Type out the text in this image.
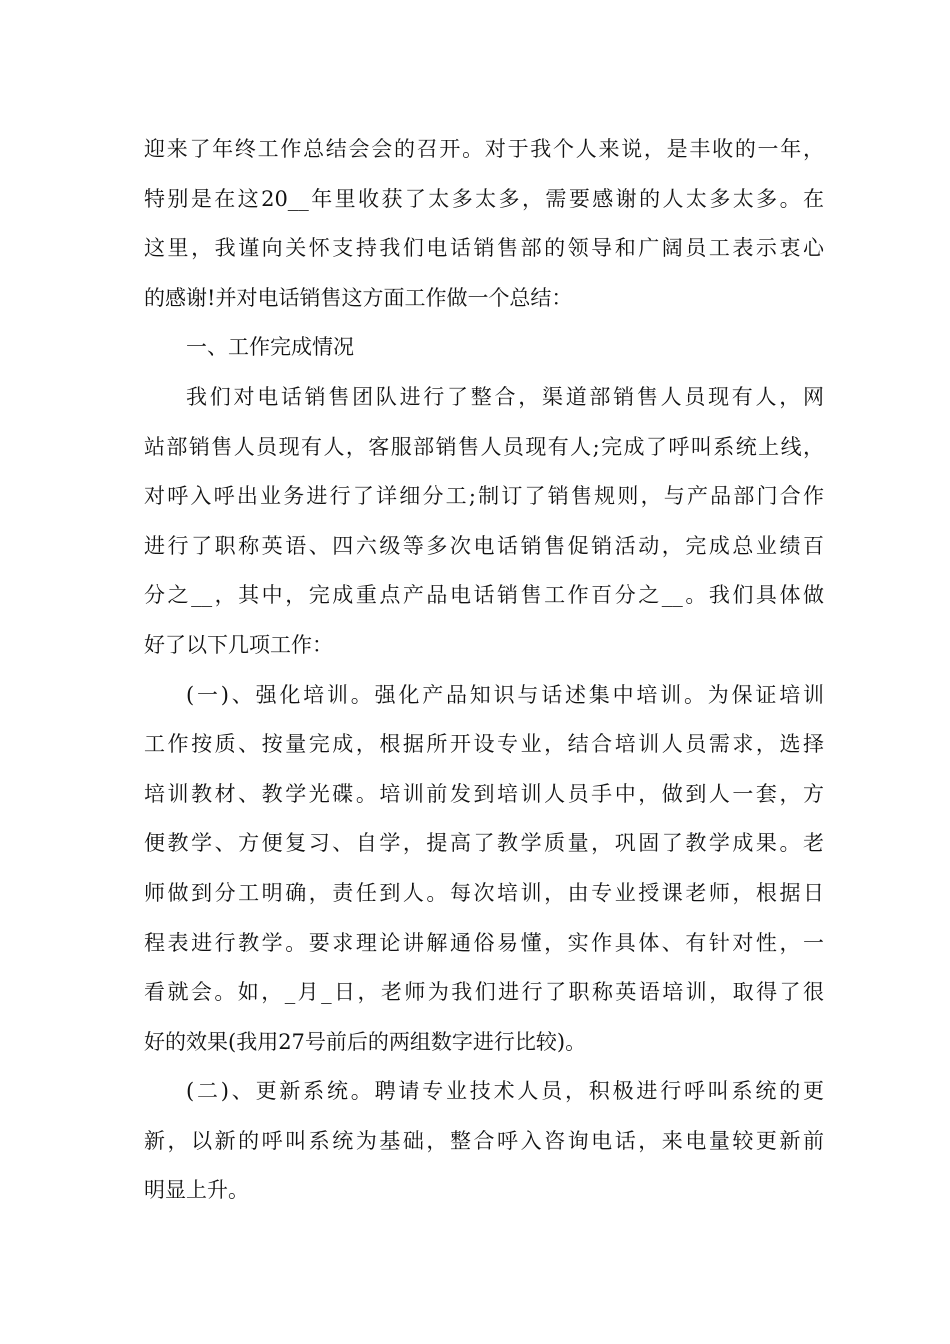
迎来了年终工作总结会会的召开。对于我个人来说，是丰收的一年，
特别是在这20__年里收获了太多太多，需要感谢的人太多太多。在
这里，我谨向关怀支持我们电话销售部的领导和广阔员工表示衷心
的感谢!并对电话销售这方面工作做一个总结：
一、工作完成情况
我们对电话销售团队进行了整合，渠道部销售人员现有人，网
站部销售人员现有人，客服部销售人员现有人;完成了呼叫系统上线，
对呼入呼出业务进行了详细分工;制订了销售规则，与产品部门合作
进行了职称英语、四六级等多次电话销售促销活动，完成总业绩百
分之__，其中，完成重点产品电话销售工作百分之__。我们具体做
好了以下几项工作：
(一)、强化培训。强化产品知识与话述集中培训。为保证培训
工作按质、按量完成，根据所开设专业，结合培训人员需求，选择
培训教材、教学光碟。培训前发到培训人员手中，做到人一套，方
便教学、方便复习、自学，提高了教学质量，巩固了教学成果。老
师做到分工明确，责任到人。每次培训，由专业授课老师，根据日
程表进行教学。要求理论讲解通俗易懂，实作具体、有针对性，一
看就会。如，_月_日，老师为我们进行了职称英语培训，取得了很
好的效果(我用27号前后的两组数字进行比较)。
(二)、更新系统。聘请专业技术人员，积极进行呼叫系统的更
新，以新的呼叫系统为基础，整合呼入咨询电话，来电量较更新前
明显上升。
